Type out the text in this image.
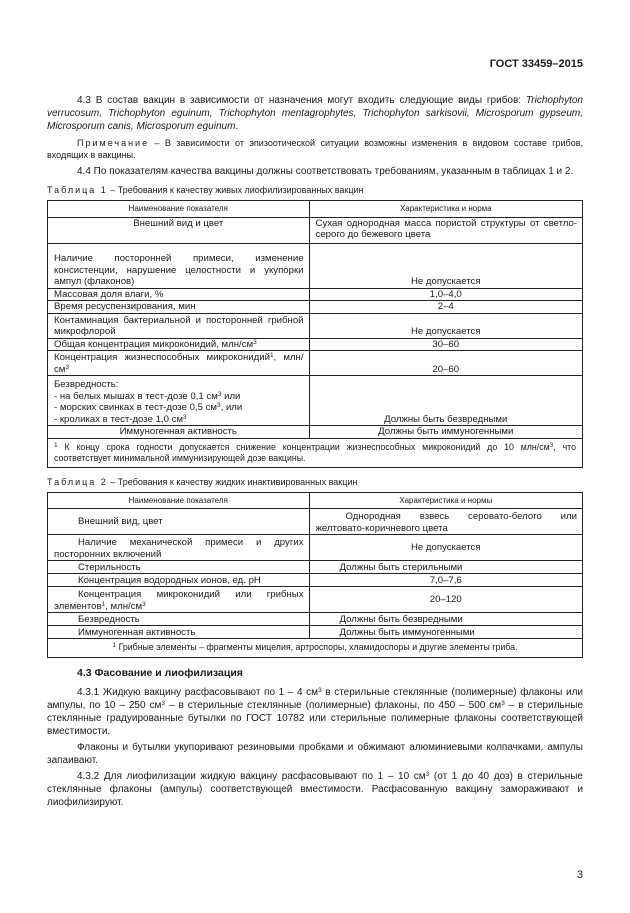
ГОСТ 33459–2015

4.3 В состав вакцин в зависимости от назначения могут входить следующие виды грибов: Trichophyton verrucosum, Trichophyton eguinum, Trichophyton mentagrophytes, Trichophyton sarkisovii, Microsporum gypseum, Microsporum canis, Microsporum eguinum.

Примечание – В зависимости от эпизоотической ситуации возможны изменения в видовом составе грибов, входящих в вакцины.

4.4 По показателям качества вакцины должны соответствовать требованиям, указанным в таблицах 1 и 2.

Таблица 1 – Требования к качеству живых лиофилизированных вакцин
Наименование показателя	Характеристика и норма
Внешний вид и цвет	Сухая однородная масса пористой структуры от светло-серого до бежевого цвета
Наличие посторонней примеси, изменение консистенции, нарушение целостности и укупорки ампул (флаконов)	Не допускается
Массовая доля влаги, %	1,0–4,0
Время ресуспензирования, мин	2–4
Контаминация бактериальной и посторонней грибной микрофлорой	Не допускается
Общая концентрация микроконидий, млн/$см^3$	30–60
Концентрация жизнеспособных микроконидий$^1$, млн/$см^3$	20–60

Безвредность:
- на белых мышах в тест-дозе 0,1 $см^3$ или
- морских свинках в тест-дозе 0,5 $см^3$, или
- кроликах в тест-дозе 1,0 $см^3$	Должны быть безвредными
Иммуногенная активность	Должны быть иммуногенными
$^1$ К концу срока годности допускается снижение концентрации жизнеспособных микроконидий до 10 млн/$см^3$, что соответствует минимальной иммунизирующей дозе вакцины.	
Таблица 2 – Требования к качеству жидких инактивированных вакцин
Наименование показателя	Характеристика и нормы
Внешний вид, цвет	Однородная взвесь серовато-белого или желтовато-коричневого цвета
Наличие механической примеси и других посторонних включений	Не допускается
Стерильность	Должны быть стерильными
Концентрация водородных ионов, ед. рН	7,0–7,6
Концентрация микроконидий или грибных элементов$^1$, млн/$см^3$	20–120
Безвредность	Должны быть безвредными
Иммуногенная активность	Должны быть иммуногенными
$^1$ Грибные элементы – фрагменты мицелия, артроспоры, хламидоспоры и другие элементы гриба.	
4.3 Фасование и лиофилизация

4.3.1 Жидкую вакцину расфасовывают по 1 – 4 $см^3$ в стерильные стеклянные (полимерные) флаконы или ампулы, по 10 – 250 $см^3$ – в стерильные стеклянные (полимерные) флаконы, по 450 – 500 $см^3$ – в стерильные стеклянные градуированные бутылки по ГОСТ 10782 или стерильные полимерные флаконы соответствующей вместимости.

Флаконы и бутылки укупоривают резиновыми пробками и обжимают алюминиевыми колпачками, ампулы запаивают.

4.3.2 Для лиофилизации жидкую вакцину расфасовывают по 1 – 10 $см^3$ (от 1 до 40 доз) в стерильные стеклянные флаконы (ампулы) соответствующей вместимости. Расфасованную вакцину замораживают и лиофилизируют.

3
